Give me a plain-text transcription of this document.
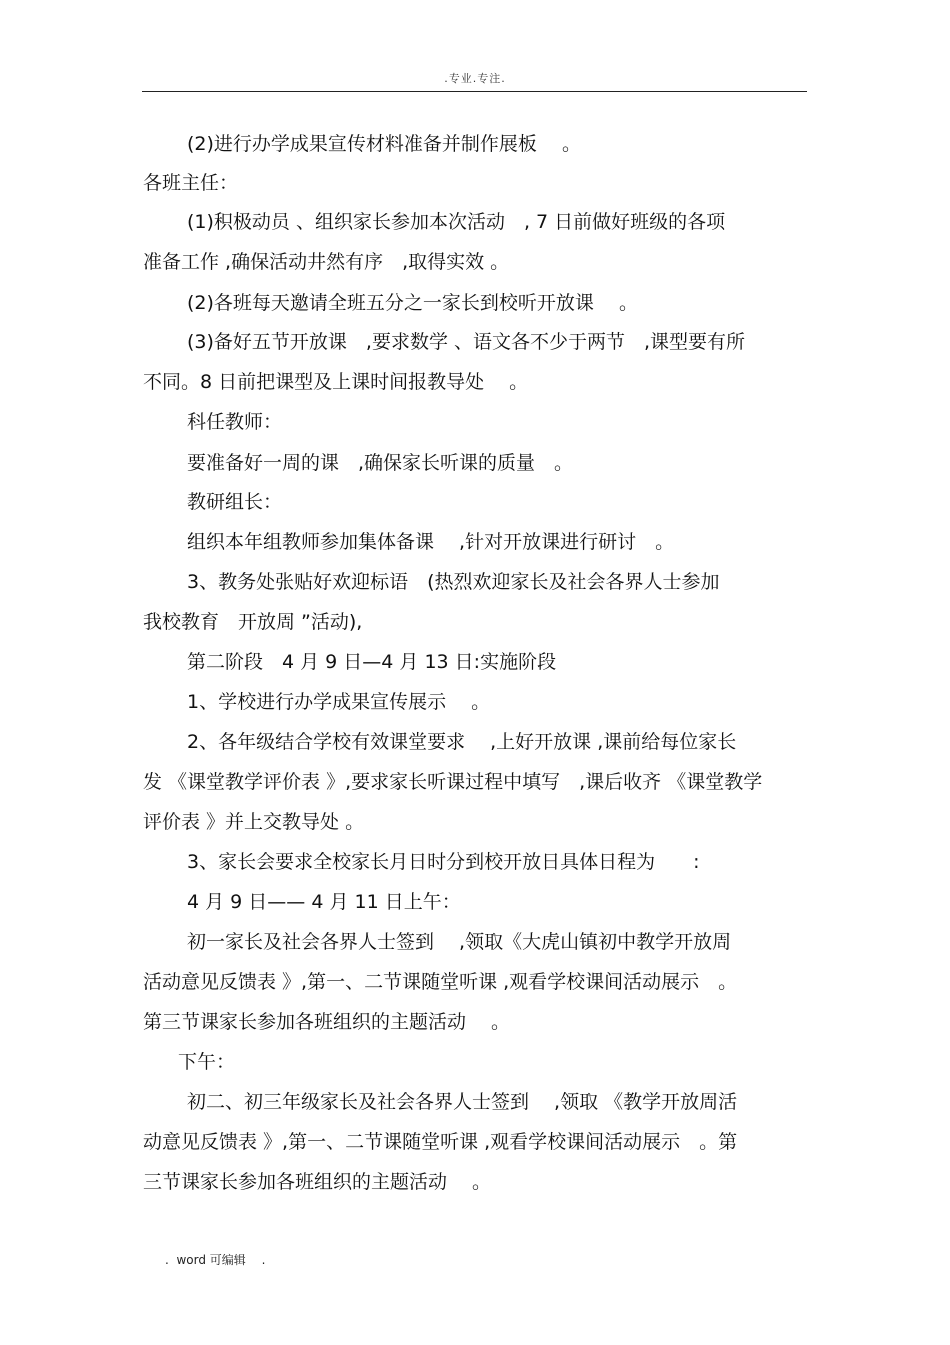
.专业.专注.
(2)进行办学成果宣传材料准备并制作展板　 。
各班主任：
(1)积极动员 、组织家长参加本次活动　, 7 日前做好班级的各项
准备工作 ,确保活动井然有序　,取得实效 。
(2)各班每天邀请全班五分之一家长到校听开放课　 。
(3)备好五节开放课　,要求数学 、语文各不少于两节　,课型要有所
不同。8 日前把课型及上课时间报教导处　 。
科任教师：
要准备好一周的课　,确保家长听课的质量　。
教研组长：
组织本年组教师参加集体备课　 ,针对开放课进行研讨　。
3、教务处张贴好欢迎标语　(热烈欢迎家长及社会各界人士参加
我校教育　开放周 ”活动),
第二阶段　4 月 9 日—4 月 13 日:实施阶段
1、学校进行办学成果宣传展示　 。
2、各年级结合学校有效课堂要求　 ,上好开放课 ,课前给每位家长
发 《课堂教学评价表 》,要求家长听课过程中填写　,课后收齐 《课堂教学
评价表 》并上交教导处 。
3、家长会要求全校家长月日时分到校开放日具体日程为　　:
4 月 9 日—— 4 月 11 日上午：
初一家长及社会各界人士签到　 ,领取《大虎山镇初中教学开放周
活动意见反馈表 》,第一、二节课随堂听课 ,观看学校课间活动展示　。
第三节课家长参加各班组织的主题活动　 。
下午：
初二、初三年级家长及社会各界人士签到　 ,领取 《教学开放周活
动意见反馈表 》,第一、二节课随堂听课 ,观看学校课间活动展示　。第
三节课家长参加各班组织的主题活动　 。
.  word 可编辑　 .
